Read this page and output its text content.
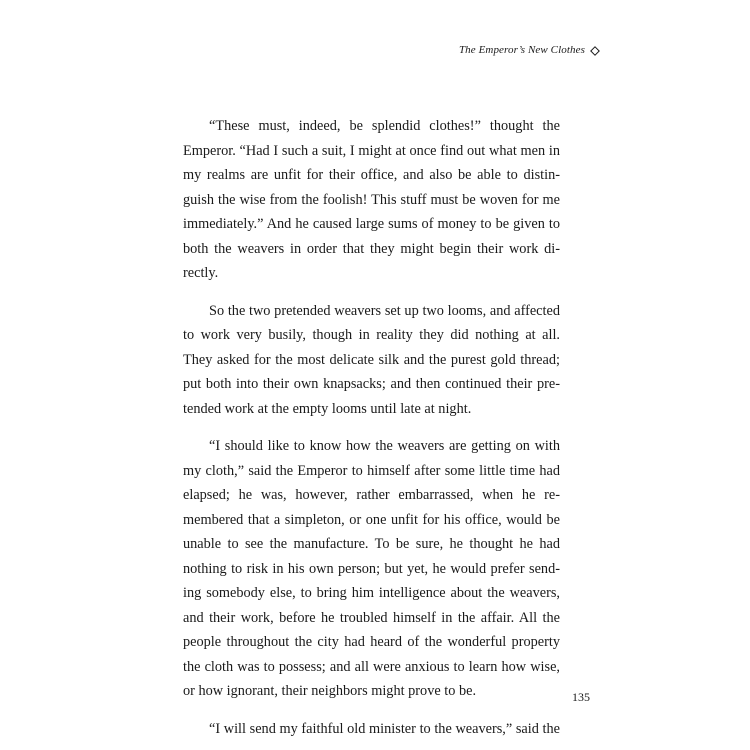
The Emperor’s New Clothes

“These must, indeed, be splendid clothes!” thought the Emperor. “Had I such a suit, I might at once find out what men in my realms are unfit for their office, and also be able to distinguish the wise from the foolish! This stuff must be woven for me immediately.” And he caused large sums of money to be given to both the weavers in order that they might begin their work directly.

So the two pretended weavers set up two looms, and affected to work very busily, though in reality they did nothing at all. They asked for the most delicate silk and the purest gold thread; put both into their own knapsacks; and then continued their pretended work at the empty looms until late at night.

“I should like to know how the weavers are getting on with my cloth,” said the Emperor to himself after some little time had elapsed; he was, however, rather embarrassed, when he remembered that a simpleton, or one unfit for his office, would be unable to see the manufacture. To be sure, he thought he had nothing to risk in his own person; but yet, he would prefer sending somebody else, to bring him intelligence about the weavers, and their work, before he troubled himself in the affair. All the people throughout the city had heard of the wonderful property the cloth was to possess; and all were anxious to learn how wise, or how ignorant, their neighbors might prove to be.

“I will send my faithful old minister to the weavers,” said the

135
